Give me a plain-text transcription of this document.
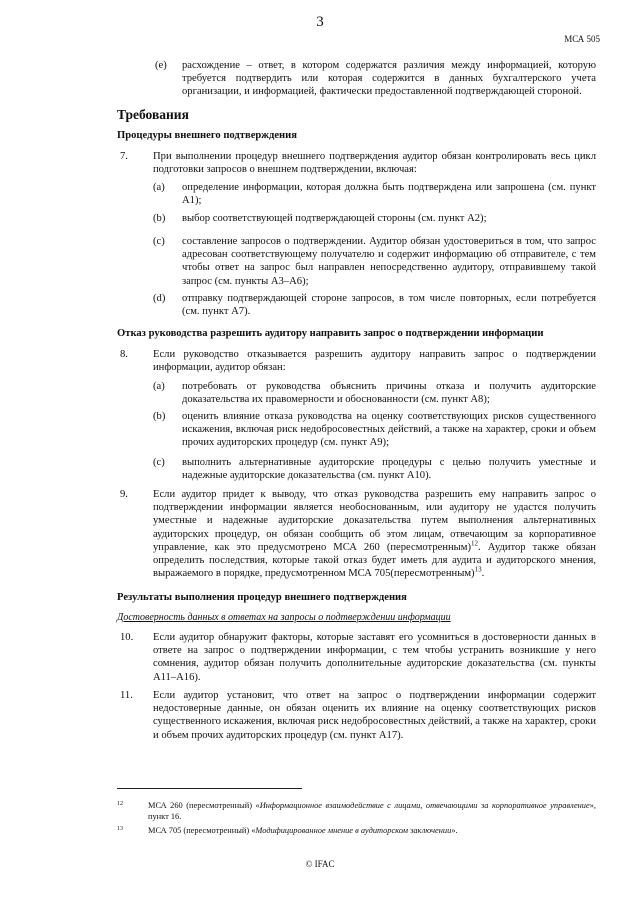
3
МСА 505
(e) расхождение – ответ, в котором содержатся различия между информацией, которую требуется подтвердить или которая содержится в данных бухгалтерского учета организации, и информацией, фактически предоставленной подтверждающей стороной.
Требования
Процедуры внешнего подтверждения
7. При выполнении процедур внешнего подтверждения аудитор обязан контролировать весь цикл подготовки запросов о внешнем подтверждении, включая:
(a) определение информации, которая должна быть подтверждена или запрошена (см. пункт A1);
(b) выбор соответствующей подтверждающей стороны (см. пункт A2);
(c) составление запросов о подтверждении. Аудитор обязан удостовериться в том, что запрос адресован соответствующему получателю и содержит информацию об отправителе, с тем чтобы ответ на запрос был направлен непосредственно аудитору, отправившему такой запрос (см. пункты A3–A6);
(d) отправку подтверждающей стороне запросов, в том числе повторных, если потребуется (см. пункт A7).
Отказ руководства разрешить аудитору направить запрос о подтверждении информации
8. Если руководство отказывается разрешить аудитору направить запрос о подтверждении информации, аудитор обязан:
(a) потребовать от руководства объяснить причины отказа и получить аудиторские доказательства их правомерности и обоснованности (см. пункт A8);
(b) оценить влияние отказа руководства на оценку соответствующих рисков существенного искажения, включая риск недобросовестных действий, а также на характер, сроки и объем прочих аудиторских процедур (см. пункт A9);
(c) выполнить альтернативные аудиторские процедуры с целью получить уместные и надежные аудиторские доказательства (см. пункт A10).
9. Если аудитор придет к выводу, что отказ руководства разрешить ему направить запрос о подтверждении информации является необоснованным, или аудитору не удастся получить уместные и надежные аудиторские доказательства путем выполнения альтернативных аудиторских процедур, он обязан сообщить об этом лицам, отвечающим за корпоративное управление, как это предусмотрено МСА 260 (пересмотренным)$^{12}$. Аудитор также обязан определить последствия, которые такой отказ будет иметь для аудита и аудиторского мнения, выражаемого в порядке, предусмотренном МСА 705(пересмотренным)$^{13}$.
Результаты выполнения процедур внешнего подтверждения
Достоверность данных в ответах на запросы о подтверждении информации
10. Если аудитор обнаружит факторы, которые заставят его усомниться в достоверности данных в ответе на запрос о подтверждении информации, с тем чтобы устранить возникшие у него сомнения, аудитор обязан получить дополнительные аудиторские доказательства (см. пункты A11–A16).
11. Если аудитор установит, что ответ на запрос о подтверждении информации содержит недостоверные данные, он обязан оценить их влияние на оценку соответствующих рисков существенного искажения, включая риск недобросовестных действий, а также на характер, сроки и объем прочих аудиторских процедур (см. пункт A17).
12	МСА 260 (пересмотренный) «Информационное взаимодействие с лицами, отвечающими за корпоративное управление», пункт 16.
13	МСА 705 (пересмотренный) «Модифицированное мнение в аудиторском заключении».
© IFAC
